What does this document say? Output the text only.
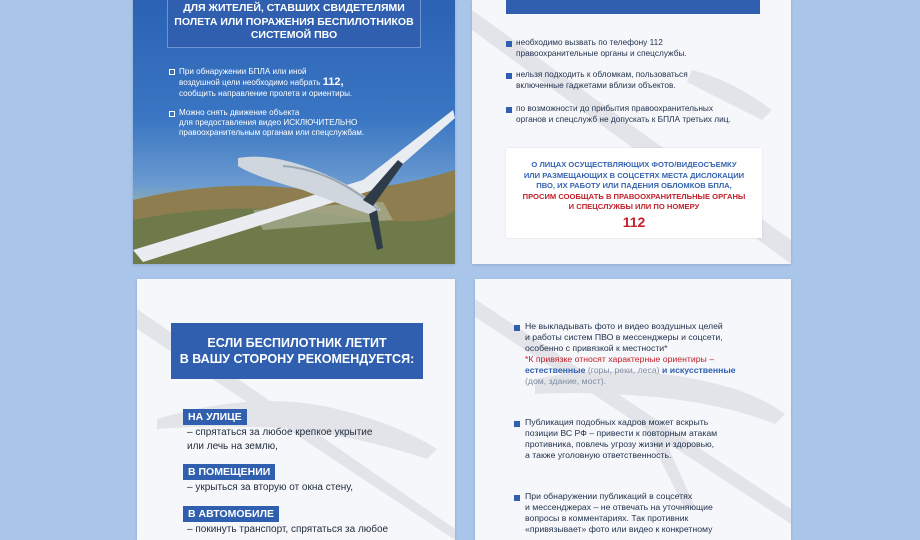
ДЛЯ ЖИТЕЛЕЙ, СТАВШИХ СВИДЕТЕЛЯМИ
ПОЛЕТА ИЛИ ПОРАЖЕНИЯ БЕСПИЛОТНИКОВ
СИСТЕМОЙ ПВО
При обнаружении БПЛА или иной
воздушной цели необходимо набрать 112,
сообщить направление пролета и ориентиры.
Можно снять движение объекта
для предоставления видео ИСКЛЮЧИТЕЛЬНО
правоохранительным органам или спецслужбам.
необходимо вызвать по телефону 112
правоохранительные органы и спецслужбы.
нельзя подходить к обломкам, пользоваться
включенные гаджетами вблизи объектов.
по возможности до прибытия правоохранительных
органов и спецслужб не допускать к БПЛА третьих лиц.
О ЛИЦАХ ОСУЩЕСТВЛЯЮЩИХ ФОТО/ВИДЕОСЪЕМКУ
ИЛИ РАЗМЕЩАЮЩИХ В СОЦСЕТЯХ МЕСТА ДИСЛОКАЦИИ
ПВО, ИХ РАБОТУ ИЛИ ПАДЕНИЯ ОБЛОМКОВ БПЛА,
ПРОСИМ СООБЩАТЬ В ПРАВООХРАНИТЕЛЬНЫЕ ОРГАНЫ
И СПЕЦСЛУЖБЫ ИЛИ ПО НОМЕРУ
112
ЕСЛИ БЕСПИЛОТНИК ЛЕТИТ
В ВАШУ СТОРОНУ РЕКОМЕНДУЕТСЯ:
НА УЛИЦЕ
– спрятаться за любое крепкое укрытие
или лечь на землю,
В ПОМЕЩЕНИИ
– укрыться за вторую от окна стену,
В АВТОМОБИЛЕ
– покинуть транспорт, спрятаться за любое
Не выкладывать фото и видео воздушных целей
и работы систем ПВО в мессенджеры и соцсети,
особенно с привязкой к местности*
*К привязке относят характерные ориентиры –
естественные (горы, реки, леса) и искусственные
(дом, здание, мост).
Публикация подобных кадров может вскрыть
позиции ВС РФ – привести к повторным атакам
противника, повлечь угрозу жизни и здоровью,
а также уголовную ответственность.
При обнаружении публикаций в соцсетях
и мессенджерах – не отвечать на уточняющие
вопросы в комментариях. Так противник
«привязывает» фото или видео к конкретному
